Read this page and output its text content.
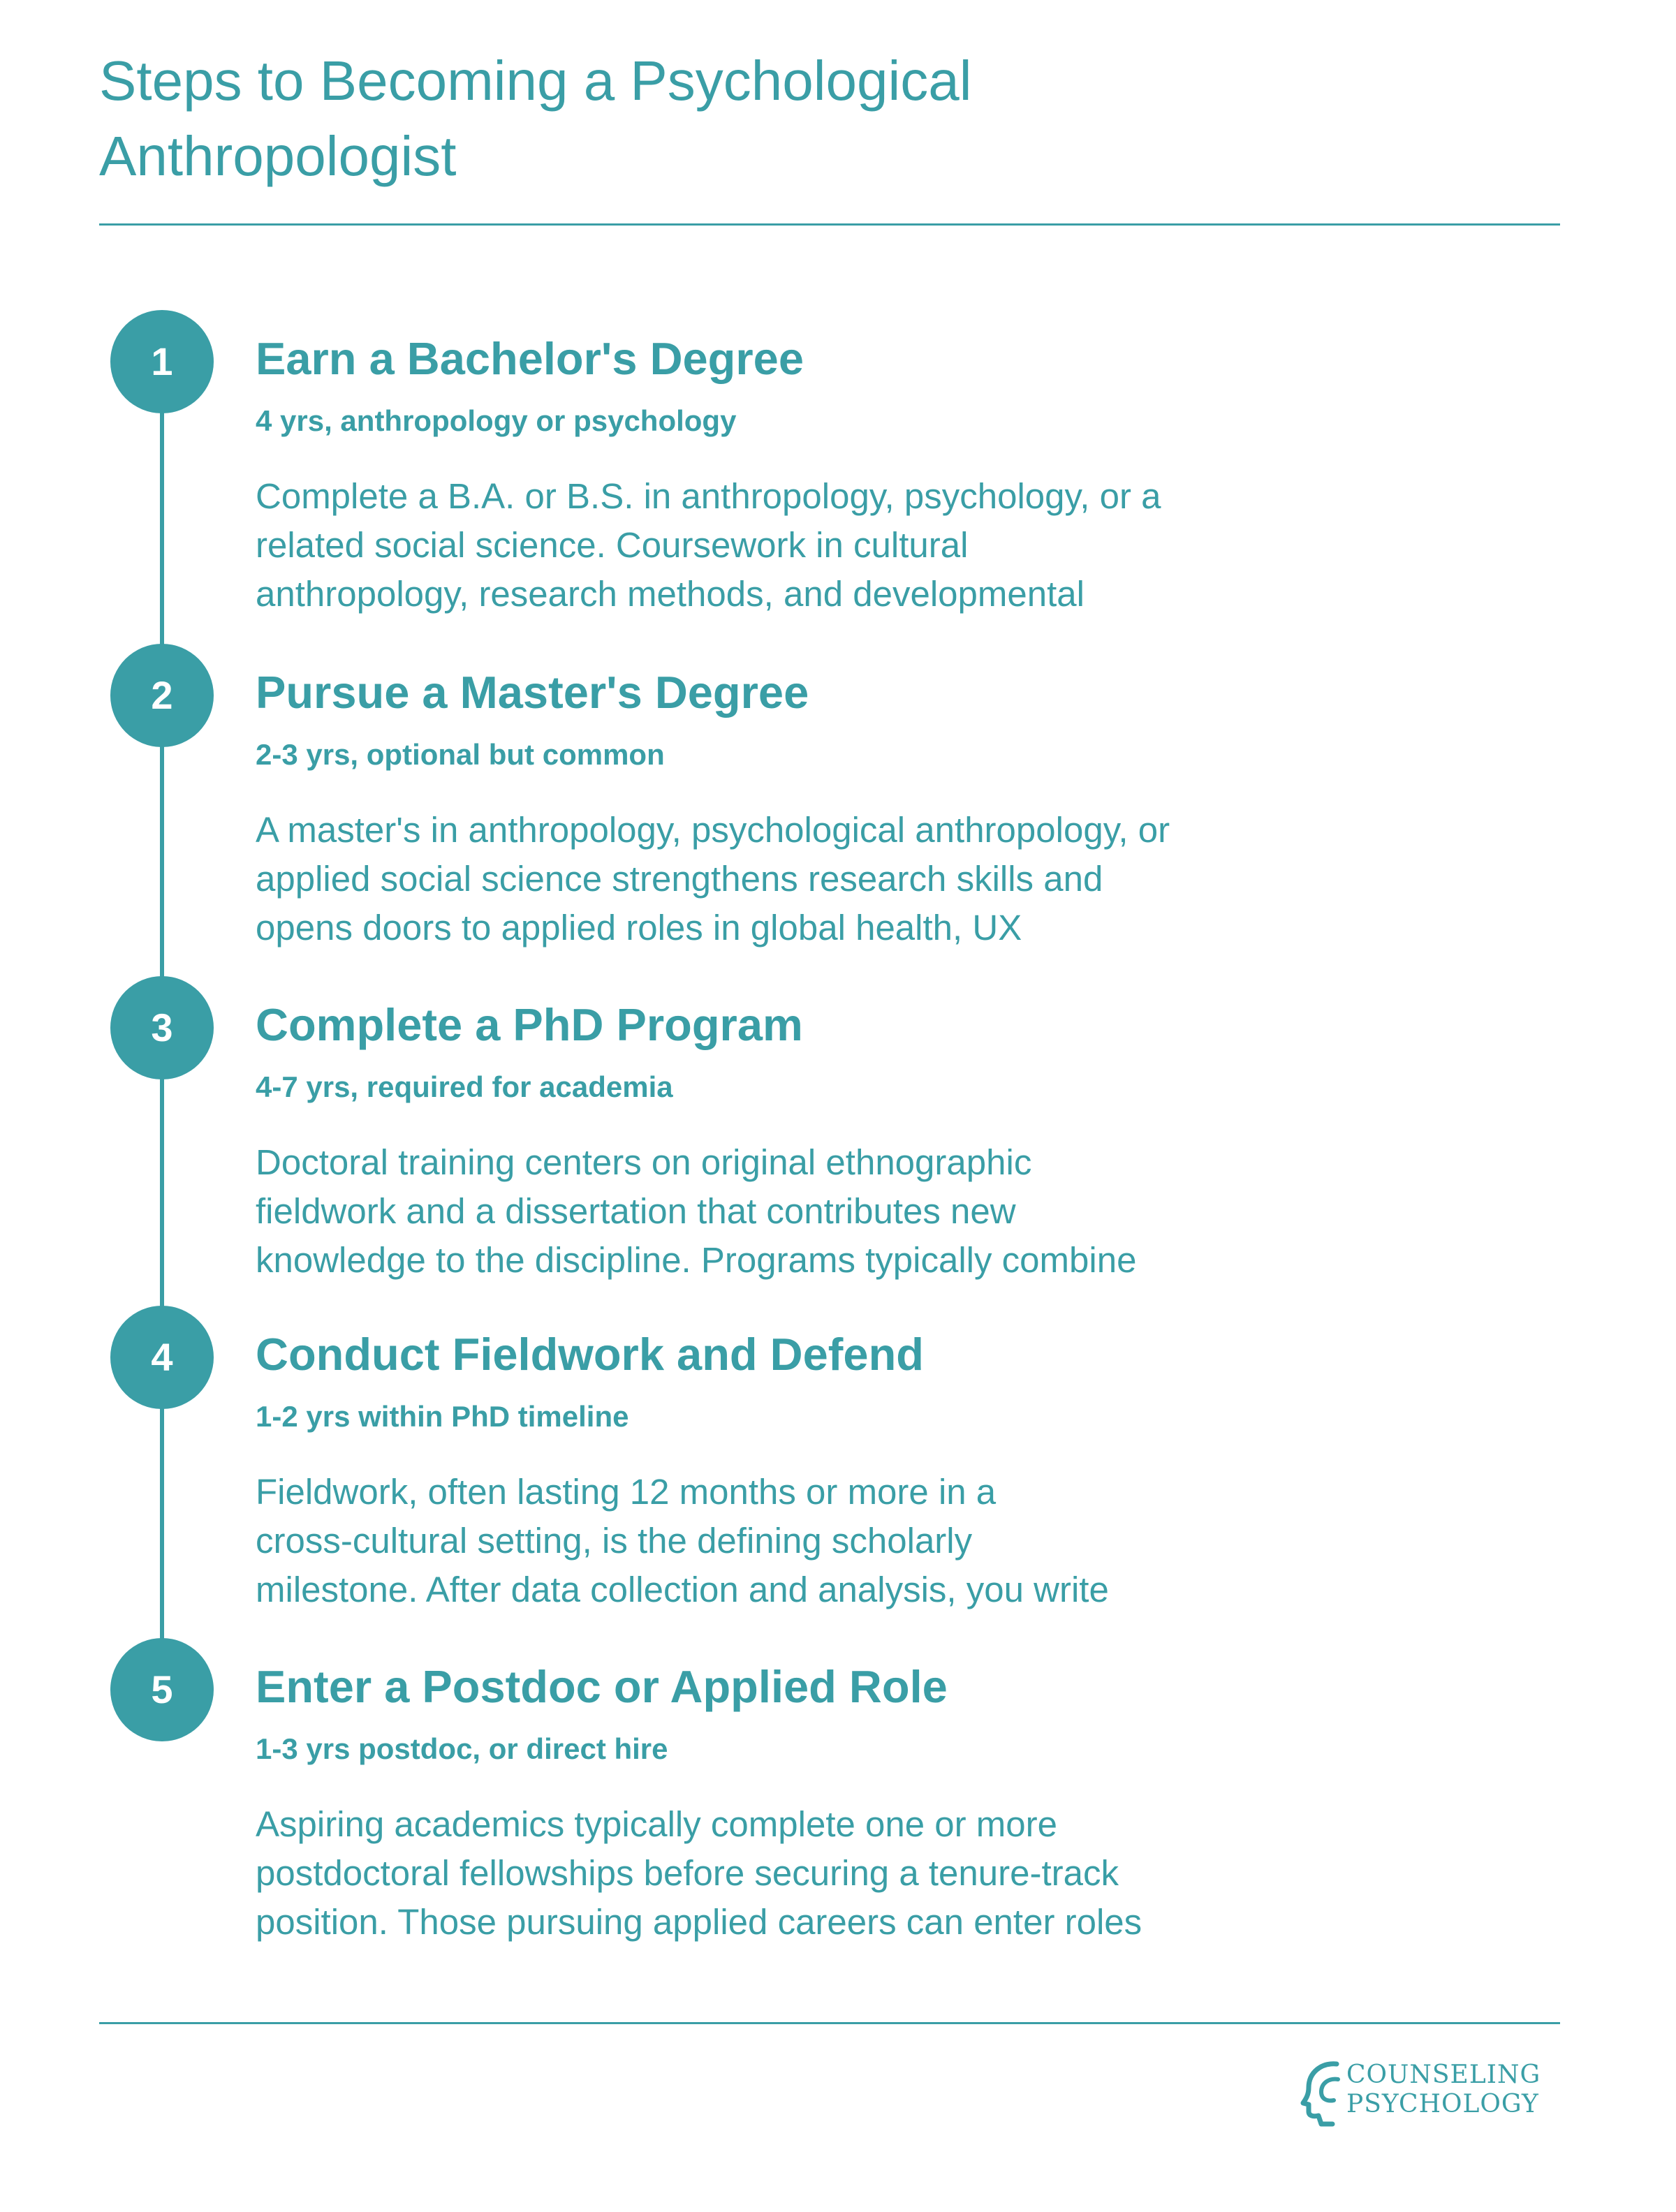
Steps to Becoming a Psychological Anthropologist
1	Earn a Bachelor's Degree
4 yrs, anthropology or psychology

Complete a B.A. or B.S. in anthropology, psychology, or a
related social science. Coursework in cultural
anthropology, research methods, and developmental

2	Pursue a Master's Degree
2-3 yrs, optional but common

A master's in anthropology, psychological anthropology, or
applied social science strengthens research skills and
opens doors to applied roles in global health, UX

3	Complete a PhD Program
4-7 yrs, required for academia

Doctoral training centers on original ethnographic
fieldwork and a dissertation that contributes new
knowledge to the discipline. Programs typically combine

4	Conduct Fieldwork and Defend
1-2 yrs within PhD timeline

Fieldwork, often lasting 12 months or more in a
cross-cultural setting, is the defining scholarly
milestone. After data collection and analysis, you write

5	Enter a Postdoc or Applied Role
1-3 yrs postdoc, or direct hire

Aspiring academics typically complete one or more
postdoctoral fellowships before securing a tenure-track
position. Those pursuing applied careers can enter roles

COUNSELING
PSYCHOLOGY
